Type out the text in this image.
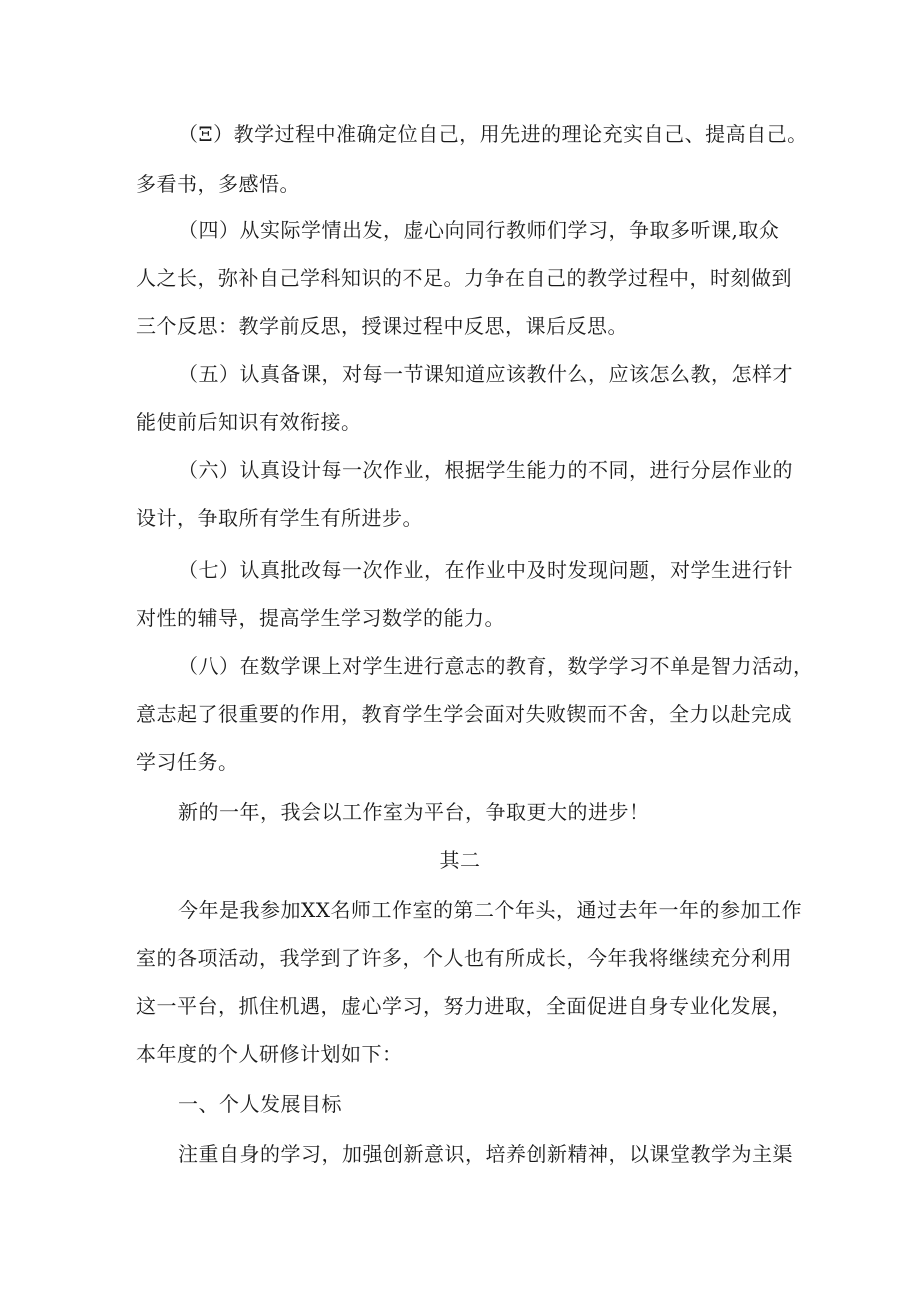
（Ξ）教学过程中准确定位自己，用先进的理论充实自己、提高自己。
多看书，多感悟。
（四）从实际学情出发，虚心向同行教师们学习，争取多听课,取众
人之长，弥补自己学科知识的不足。力争在自己的教学过程中，时刻做到
三个反思：教学前反思，授课过程中反思，课后反思。
（五）认真备课，对每一节课知道应该教什么，应该怎么教，怎样才
能使前后知识有效衔接。
（六）认真设计每一次作业，根据学生能力的不同，进行分层作业的
设计，争取所有学生有所进步。
（七）认真批改每一次作业，在作业中及时发现问题，对学生进行针
对性的辅导，提高学生学习数学的能力。
（八）在数学课上对学生进行意志的教育，数学学习不单是智力活动，
意志起了很重要的作用，教育学生学会面对失败锲而不舍，全力以赴完成
学习任务。
新的一年，我会以工作室为平台，争取更大的进步！
其二
今年是我参加XX名师工作室的第二个年头，通过去年一年的参加工作
室的各项活动，我学到了许多，个人也有所成长，今年我将继续充分利用
这一平台，抓住机遇，虚心学习，努力进取，全面促进自身专业化发展，
本年度的个人研修计划如下：
一、个人发展目标
注重自身的学习，加强创新意识，培养创新精神，以课堂教学为主渠
